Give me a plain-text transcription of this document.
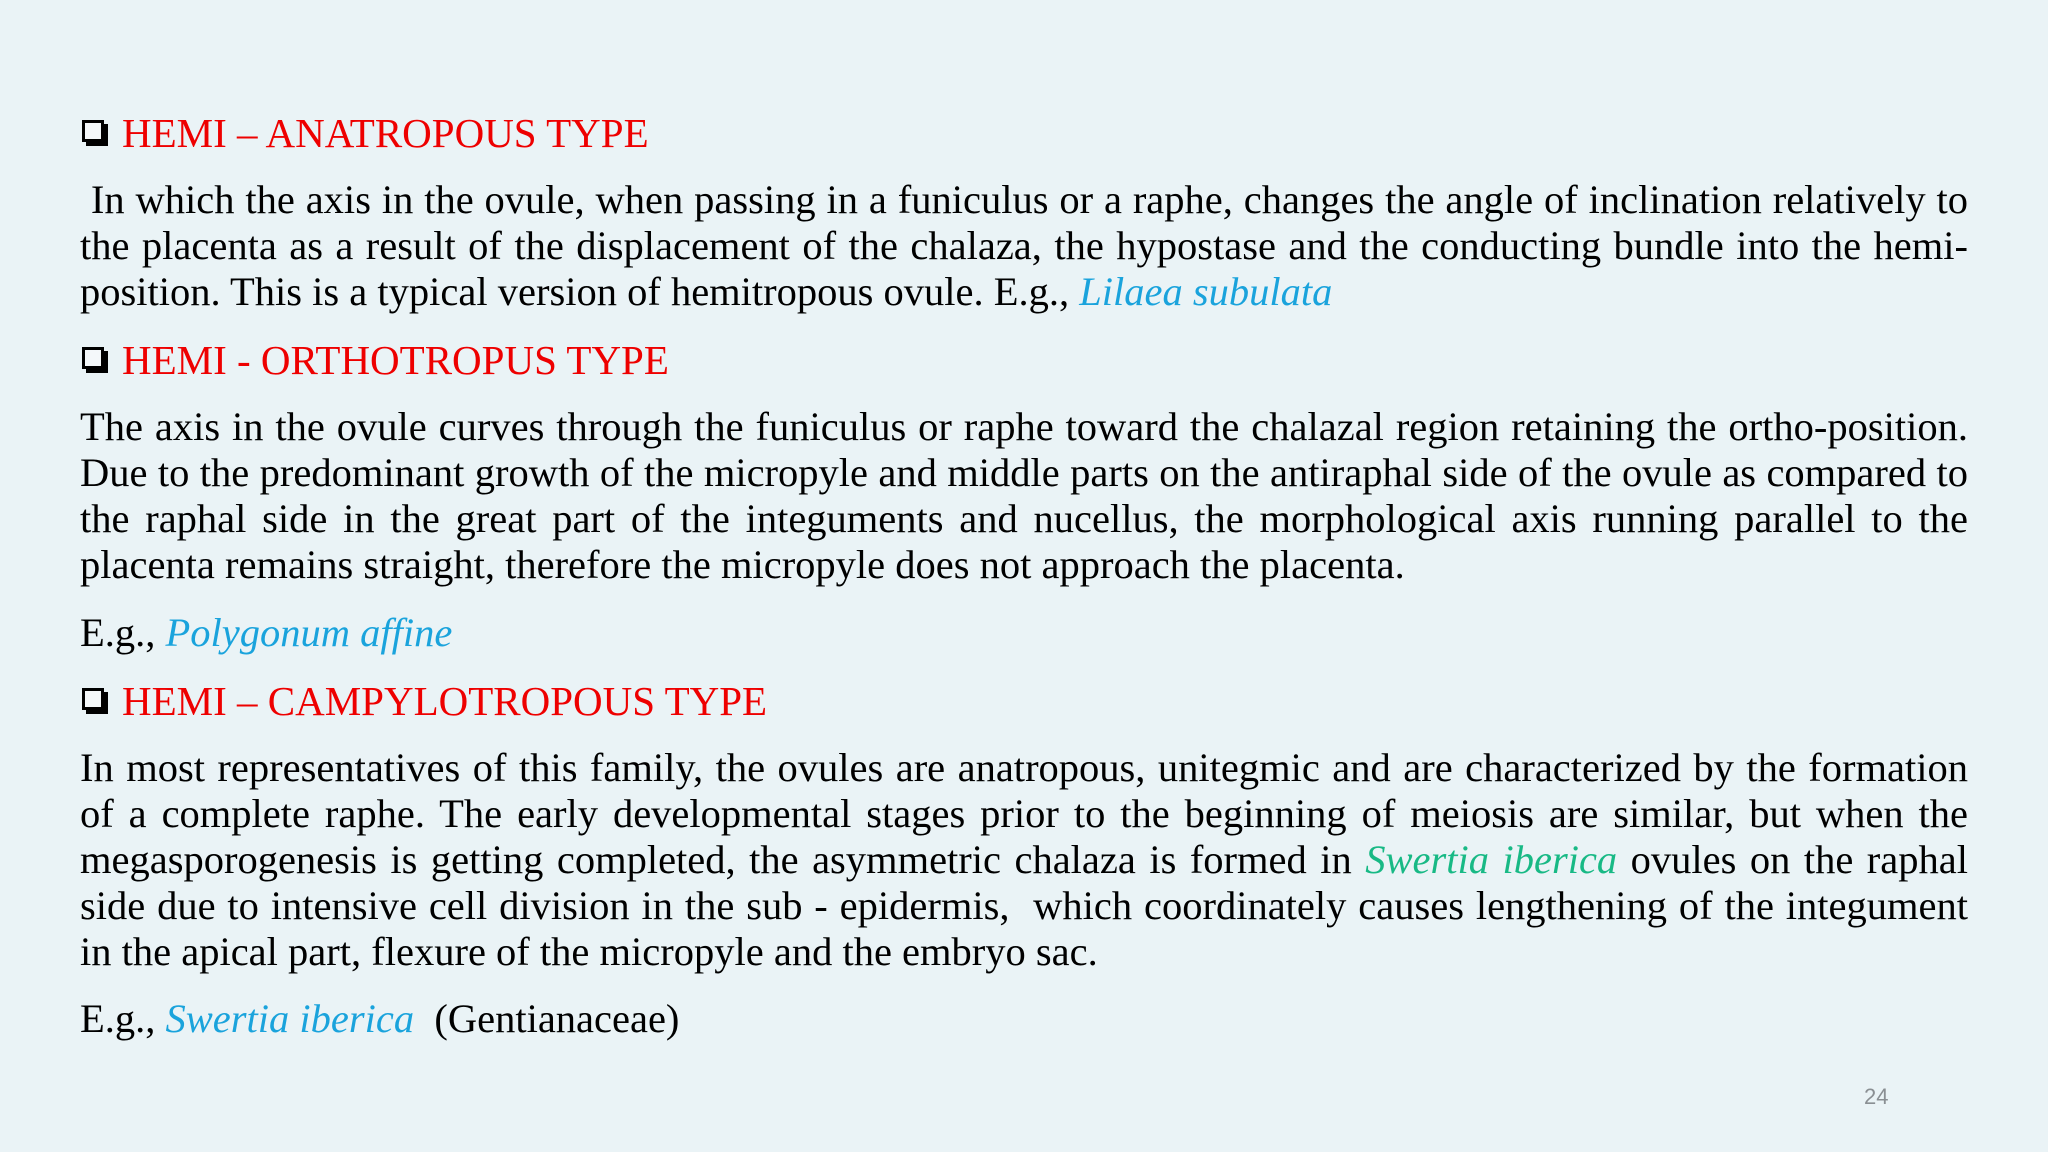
HEMI – ANATROPOUS TYPE

In which the axis in the ovule, when passing in a funiculus or a raphe, changes the angle of inclination relatively to the placenta as a result of the displacement of the chalaza, the hypostase and the conducting bundle into the hemi-position. This is a typical version of hemitropous ovule. E.g., Lilaea subulata

HEMI - ORTHOTROPUS TYPE

The axis in the ovule curves through the funiculus or raphe toward the chalazal region retaining the ortho-position. Due to the predominant growth of the micropyle and middle parts on the antiraphal side of the ovule as compared to the raphal side in the great part of the integuments and nucellus, the morphological axis running parallel to the placenta remains straight, therefore the micropyle does not approach the placenta.

E.g., Polygonum affine
HEMI – CAMPYLOTROPOUS TYPE

In most representatives of this family, the ovules are anatropous, unitegmic and are characterized by the formation of a complete raphe. The early developmental stages prior to the beginning of meiosis are similar, but when the megasporogenesis is getting completed, the asymmetric chalaza is formed in Swertia iberica ovules on the raphal side due to intensive cell division in the sub - epidermis,  which coordinately causes lengthening of the integument in the apical part, flexure of the micropyle and the embryo sac.

E.g., Swertia iberica  (Gentianaceae)
24
